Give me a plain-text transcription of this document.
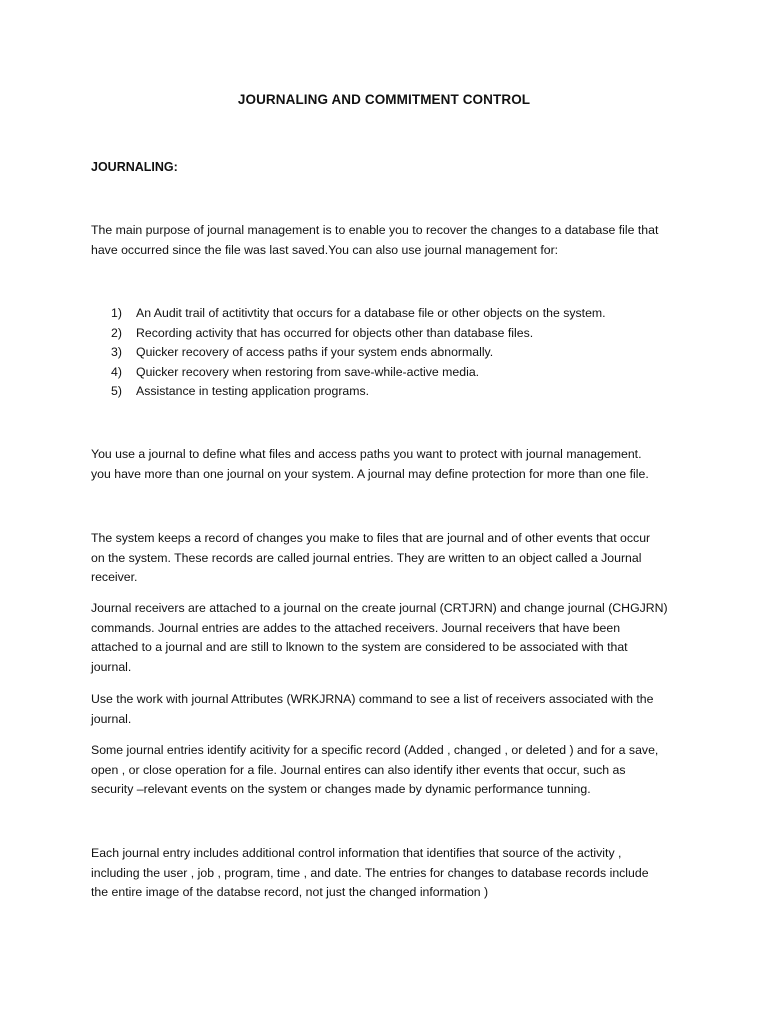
JOURNALING AND COMMITMENT CONTROL
JOURNALING:
The main purpose of journal management is to enable you to recover the changes to a database file that
have occurred since the file was last saved.You can also use journal management for:
1) An Audit trail of actitivtity that occurs for a database file or other objects on the system.
2) Recording activity that has occurred for objects other than database files.
3) Quicker recovery of access paths if your system ends abnormally.
4) Quicker recovery when restoring from save-while-active media.
5) Assistance in testing application programs.
You use a journal to define what files and access paths you want to protect with journal management.
you have more than one journal on your system. A journal may define protection for more than one file.
The system keeps a record of changes you make to files that are journal and of other events that occur
on the system. These records are called journal entries. They are written to an object called a Journal
receiver.
Journal receivers are attached to a journal on the create journal (CRTJRN) and change journal (CHGJRN)
commands. Journal entries are addes to the attached receivers. Journal receivers that have been
attached to a journal and are still to lknown to the system are considered to be associated with that
journal.
Use the work with journal Attributes (WRKJRNA) command to see a list of receivers associated with the
journal.
Some journal entries identify acitivity for a specific record (Added , changed , or deleted ) and for a save,
open , or close operation for a file. Journal entires can also identify ither events that occur, such as
security –relevant events on the system or changes made by dynamic performance tunning.
Each journal entry includes additional control information that identifies that source of the activity ,
including the user , job , program, time , and date. The entries for changes to database records include
the entire image of the databse record, not just the changed information )
